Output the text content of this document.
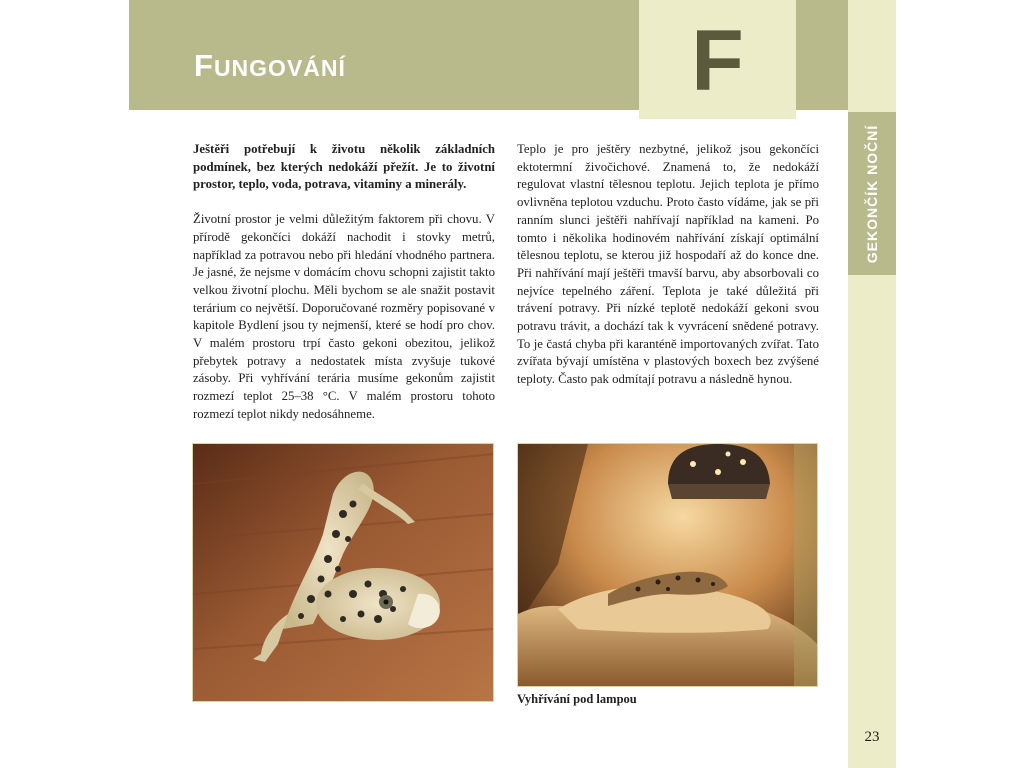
FUNGOVÁNÍ	F
GEKONČÍK NOČNÍ

Ještěři potřebují k životu několik základních podmínek, bez kterých nedokáží přežít. Je to životní prostor, teplo, voda, potrava, vitaminy a minerály.

Životní prostor je velmi důležitým faktorem při chovu. V přírodě gekončíci dokáží nachodit i stovky metrů, například za potravou nebo při hledání vhodného partnera. Je jasné, že nejsme v domácím chovu schopni zajistit takto velkou životní plochu. Měli bychom se ale snažit postavit terárium co největší. Doporučované rozměry popisované v kapitole Bydlení jsou ty nejmenší, které se hodí pro chov. V malém prostoru trpí často gekoni obezitou, jelikož přebytek potravy a nedostatek místa zvyšuje tukové zásoby. Při vyhřívání terária musíme gekonům zajistit rozmezí teplot 25–38 °C. V malém prostoru tohoto rozmezí teplot nikdy nedosáhneme.

Teplo je pro ještěry nezbytné, jelikož jsou gekončíci ektotermní živočichové. Znamená to, že nedokáží regulovat vlastní tělesnou teplotu. Jejich teplota je přímo ovlivněna teplotou vzduchu. Proto často vídáme, jak se při ranním slunci ještěři nahřívají například na kameni. Po tomto i několika hodinovém nahřívání získají optimální tělesnou teplotu, se kterou již hospodaří až do konce dne. Při nahřívání mají ještěři tmavší barvu, aby absorbovali co nejvíce tepelného záření. Teplota je také důležitá při trávení potravy. Při nízké teplotě nedokáží gekoni svou potravu trávit, a dochází tak k vyvrácení snědené potravy. To je častá chyba při karanténě importovaných zvířat. Tato zvířata bývají umístěna v plastových boxech bez zvýšené teploty. Často pak odmítají potravu a následně hynou.

Vyhřívání pod lampou
23
